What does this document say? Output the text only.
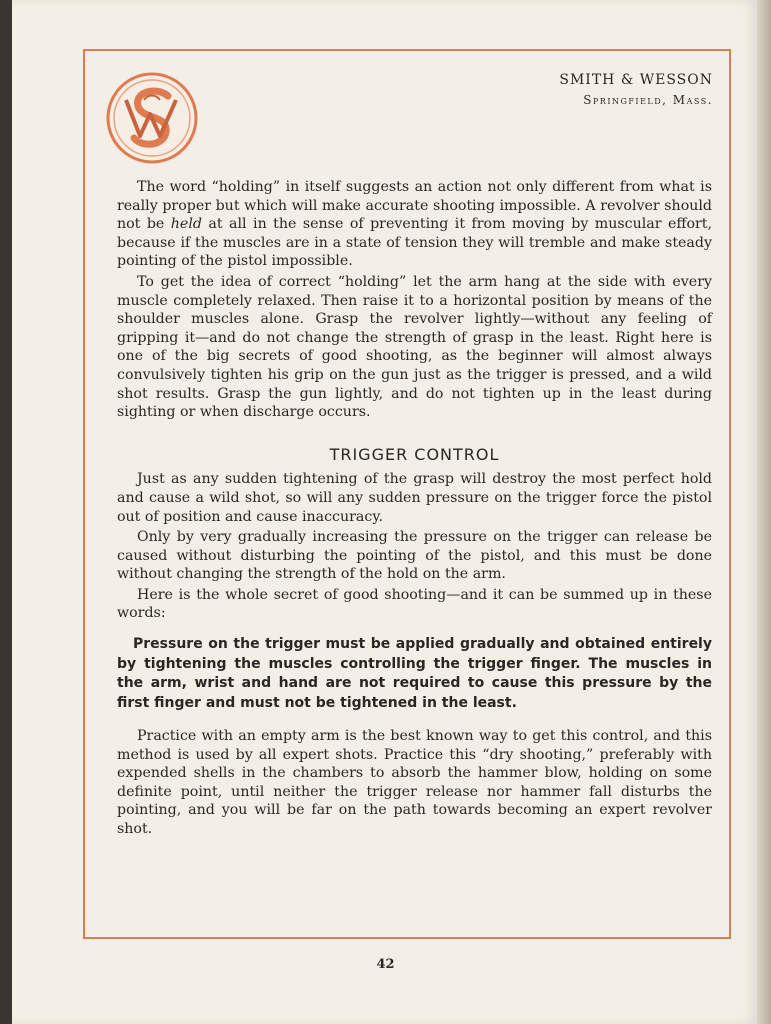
SMITH & WESSON
Springfield, Mass.

The word “holding” in itself suggests an action not only different from what is really proper but which will make accurate shooting impossible. A revolver should not be held at all in the sense of preventing it from moving by muscular effort, because if the muscles are in a state of tension they will tremble and make steady pointing of the pistol impossible.

To get the idea of correct “holding” let the arm hang at the side with every muscle completely relaxed. Then raise it to a horizontal position by means of the shoulder muscles alone. Grasp the revolver lightly—without any feeling of gripping it—and do not change the strength of grasp in the least. Right here is one of the big secrets of good shooting, as the beginner will almost always convulsively tighten his grip on the gun just as the trigger is pressed, and a wild shot results. Grasp the gun lightly, and do not tighten up in the least during sighting or when discharge occurs.

TRIGGER CONTROL

Just as any sudden tightening of the grasp will destroy the most perfect hold and cause a wild shot, so will any sudden pressure on the trigger force the pistol out of position and cause inaccuracy.

Only by very gradually increasing the pressure on the trigger can release be caused without disturbing the pointing of the pistol, and this must be done without changing the strength of the hold on the arm.

Here is the whole secret of good shooting—and it can be summed up in these words:

Pressure on the trigger must be applied gradually and obtained entirely by tightening the muscles controlling the trigger finger. The muscles in the arm, wrist and hand are not required to cause this pressure by the first finger and must not be tightened in the least.

Practice with an empty arm is the best known way to get this control, and this method is used by all expert shots. Practice this “dry shooting,” preferably with expended shells in the chambers to absorb the hammer blow, holding on some definite point, until neither the trigger release nor hammer fall disturbs the pointing, and you will be far on the path towards becoming an expert revolver shot.

42
